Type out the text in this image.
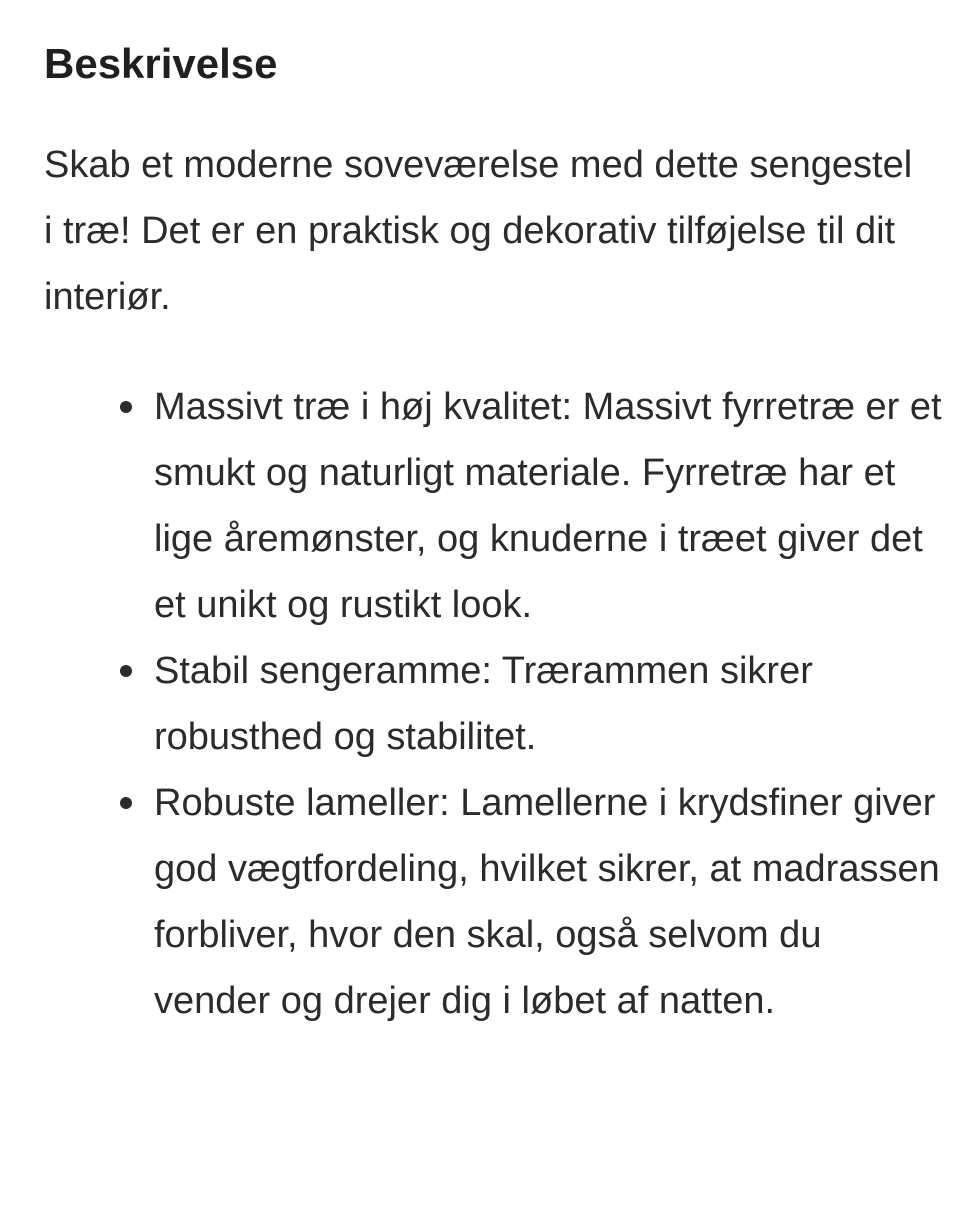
Beskrivelse

Skab et moderne soveværelse med dette sengestel i træ! Det er en praktisk og dekorativ tilføjelse til dit interiør.

Massivt træ i høj kvalitet: Massivt fyrretræ er et smukt og naturligt materiale. Fyrretræ har et lige åremønster, og knuderne i træet giver det et unikt og rustikt look.
Stabil sengeramme: Trærammen sikrer robusthed og stabilitet.
Robuste lameller: Lamellerne i krydsfiner giver god vægtfordeling, hvilket sikrer, at madrassen forbliver, hvor den skal, også selvom du vender og drejer dig i løbet af natten.
